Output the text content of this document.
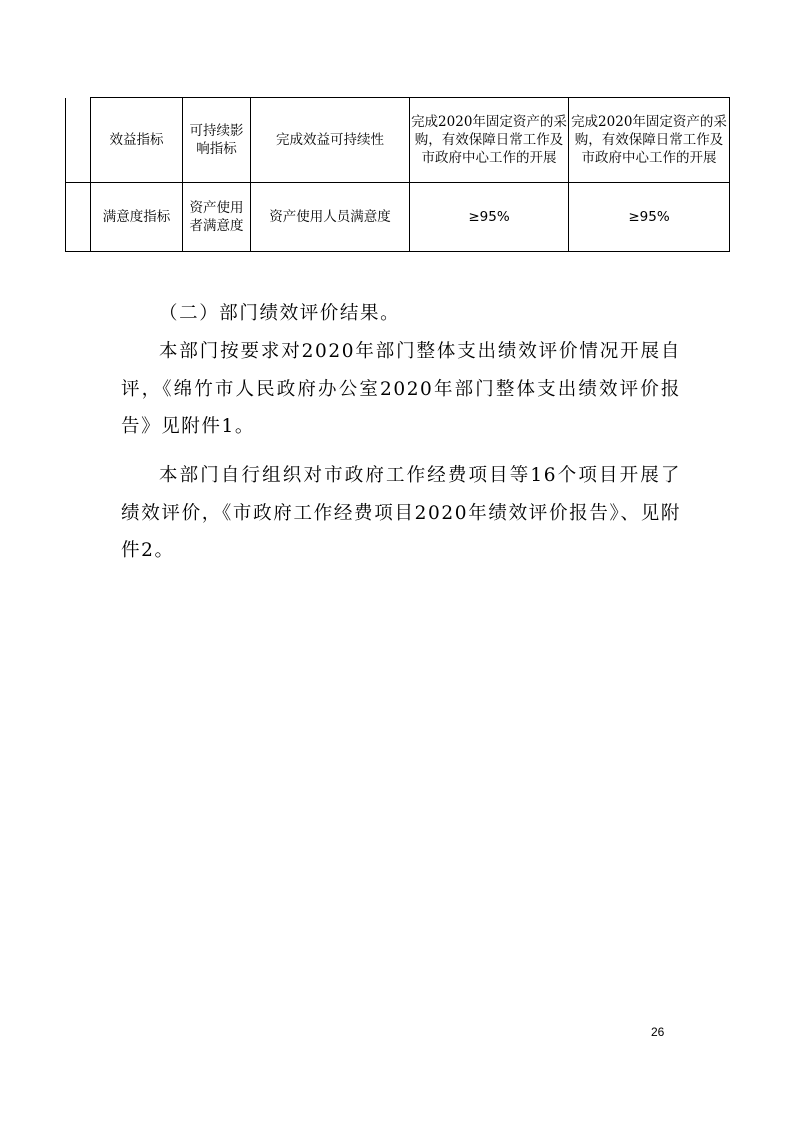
	效益指标	可持续影响指标	完成效益可持续性	完成2020年固定资产的采购，有效保障日常工作及市政府中心工作的开展	完成2020年固定资产的采购，有效保障日常工作及市政府中心工作的开展
	满意度指标	资产使用者满意度	资产使用人员满意度	≥95%	≥95%
（二）部门绩效评价结果。
本部门按要求对2020年部门整体支出绩效评价情况开展自评，《绵竹市人民政府办公室2020年部门整体支出绩效评价报告》见附件1。
本部门自行组织对市政府工作经费项目等16个项目开展了绩效评价，《市政府工作经费项目2020年绩效评价报告》、见附件2。
26
